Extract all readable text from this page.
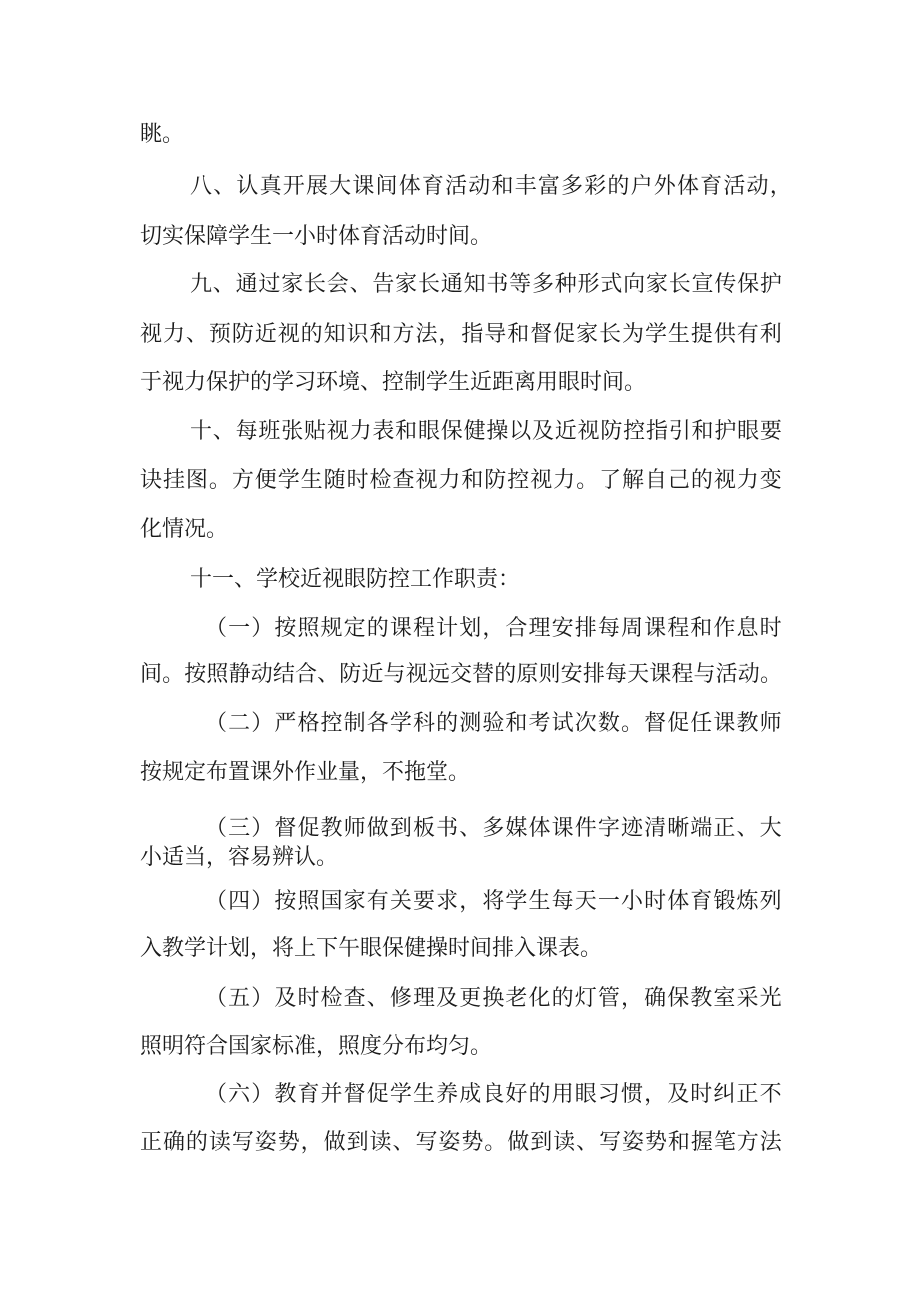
眺。
八 、 认 真 开 展 大 课 间 体 育 活 动 和 丰 富 多 彩 的 户 外 体 育 活 动 ，
切实保障学生一小时体育活动时间。
九 、 通 过 家 长 会 、 告 家 长 通 知 书 等 多 种 形 式 向 家 长 宣 传 保 护
视 力 、 预 防 近 视 的 知 识 和 方 法 ， 指 导 和 督 促 家 长 为 学 生 提 供 有 利
于视力保护的学习环境、控制学生近距离用眼时间。
十 、 每 班 张 贴 视 力 表 和 眼 保 健 操 以 及 近 视 防 控 指 引 和 护 眼 要
诀 挂 图 。 方 便 学 生 随 时 检 查 视 力 和 防 控 视 力 。 了 解 自 己 的 视 力 变
化情况。
十一、学校近视眼防控工作职责：
（ 一 ） 按 照 规 定 的 课 程 计 划 ， 合 理 安 排 每 周 课 程 和 作 息 时
间 。 按 照 静 动 结 合 、 防 近 与 视 远 交 替 的 原 则 安 排 每 天 课 程 与 活 动 。
（ 二 ） 严 格 控 制 各 学 科 的 测 验 和 考 试 次 数 。 督 促 任 课 教 师
按规定布置课外作业量，不拖堂。
（ 三 ） 督 促 教 师 做 到 板 书 、 多 媒 体 课 件 字 迹 清 晰 端 正 、 大
小适当，容易辨认。
（ 四 ） 按 照 国 家 有 关 要 求 ， 将 学 生 每 天 一 小 时 体 育 锻 炼 列
入教学计划，将上下午眼保健操时间排入课表。
（ 五 ） 及 时 检 查 、 修 理 及 更 换 老 化 的 灯 管 ， 确 保 教 室 采 光
照明符合国家标准，照度分布均匀。
（ 六 ） 教 育 并 督 促 学 生 养 成 良 好 的 用 眼 习 惯 ， 及 时 纠 正 不
正 确 的 读 写 姿 势 ， 做 到 读 、 写 姿 势 。 做 到 读 、 写 姿 势 和 握 笔 方 法
